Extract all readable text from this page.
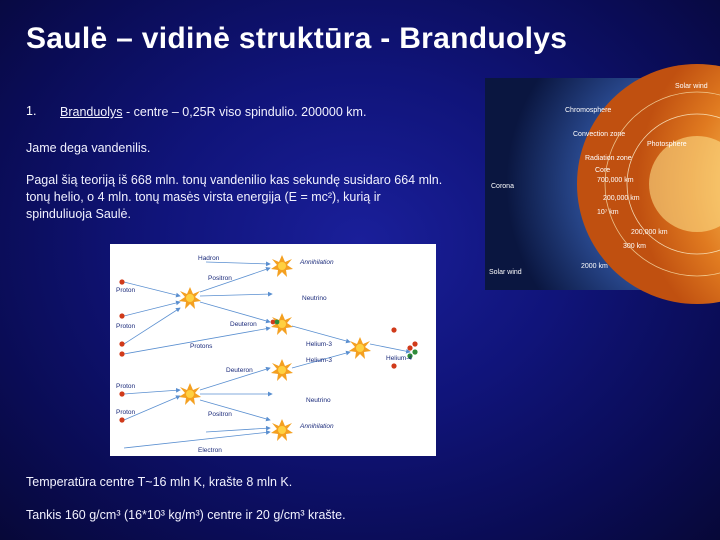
Saulė – vidinė struktūra - Branduolys
1. Branduolys - centre – 0,25R viso spindulio. 200000 km.
Jame dega vandenilis.
Pagal šią teoriją iš 668 mln. tonų vandenilio kas sekundę susidaro 664 mln. tonų helio, o 4 mln. tonų masės virsta energija (E = mc²), kurią ir spinduliuoja Saulė.
Temperatūra centre T~16 mln K, krašte 8 mln K.
Tankis 160 g/cm³ (16*10³ kg/m³) centre ir 20 g/cm³ krašte.
Hadron
Positron
Annihilation
Proton
Neutrino
Proton	Deuteron
Protons	Helium-3
Helium-4
Proton
Deuteron
Helium-3
Proton
Neutrino
Positron
Annihilation
Electron
Solar wind
Chromosphere
Convection zone
Photosphere
Radiation zone
Core
Corona
700,000 km
200,000 km
10⁷ km
200,000 km
300 km
2000 km
Solar wind
